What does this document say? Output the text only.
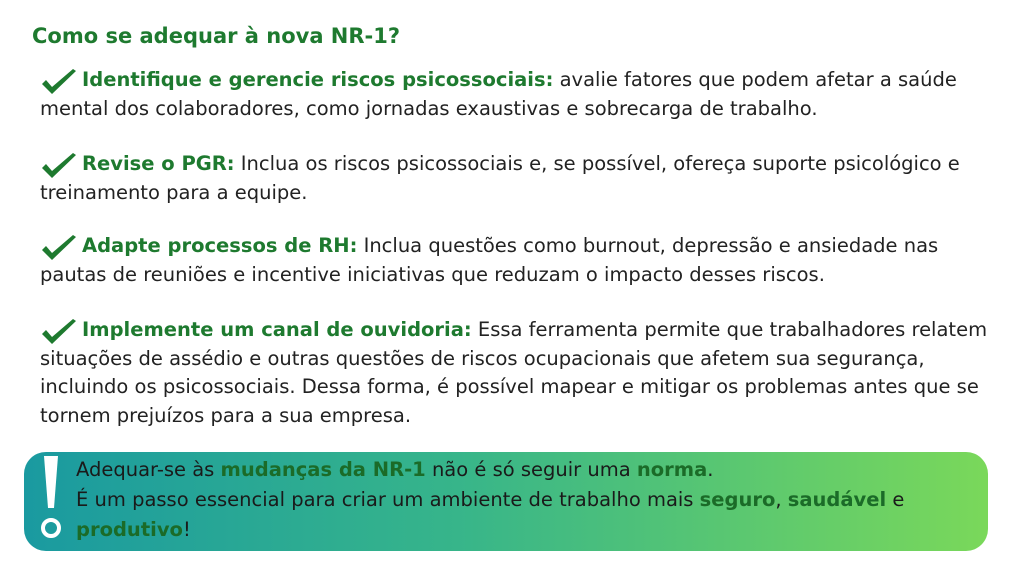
Como se adequar à nova NR-1?

Identifique e gerencie riscos psicossociais: avalie fatores que podem afetar a saúde mental dos colaboradores, como jornadas exaustivas e sobrecarga de trabalho.

Revise o PGR: Inclua os riscos psicossociais e, se possível, ofereça suporte psicológico e treinamento para a equipe.

Adapte processos de RH: Inclua questões como burnout, depressão e ansiedade nas pautas de reuniões e incentive iniciativas que reduzam o impacto desses riscos.

Implemente um canal de ouvidoria: Essa ferramenta permite que trabalhadores relatem situações de assédio e outras questões de riscos ocupacionais que afetem sua segurança, incluindo os psicossociais. Dessa forma, é possível mapear e mitigar os problemas antes que se tornem prejuízos para a sua empresa.

Adequar-se às mudanças da NR-1 não é só seguir uma norma.
É um passo essencial para criar um ambiente de trabalho mais seguro, saudável e
produtivo!
